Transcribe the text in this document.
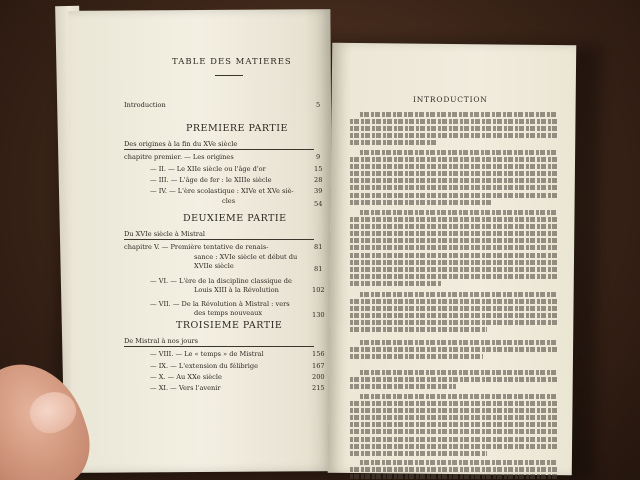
TABLE DES MATIERES
Introduction	5
PREMIERE PARTIE
Des origines à la fin du XVe siècle
chapitre premier. — Les origines	9
— II. — Le XIIe siècle ou l'âge d'or	15
— III. — L'âge de fer : le XIIIe siècle	28
— IV. — L'ère scolastique : XIVe et XVe siè-	39
cles	54
DEUXIEME PARTIE
Du XVIe siècle à Mistral
chapitre V. — Première tentative de renais-	81
sance : XVIe siècle et début du
XVIIe siècle	81
— VI. — L'ère de la discipline classique de
Louis XIII à la Révolution	102
— VII. — De la Révolution à Mistral : vers
des temps nouveaux	130
TROISIEME PARTIE
De Mistral à nos jours
— VIII. — Le « temps » de Mistral	156
— IX. — L'extension du félibrige	167
— X. — Au XXe siècle	200
— XI. — Vers l'avenir	215
INTRODUCTION
